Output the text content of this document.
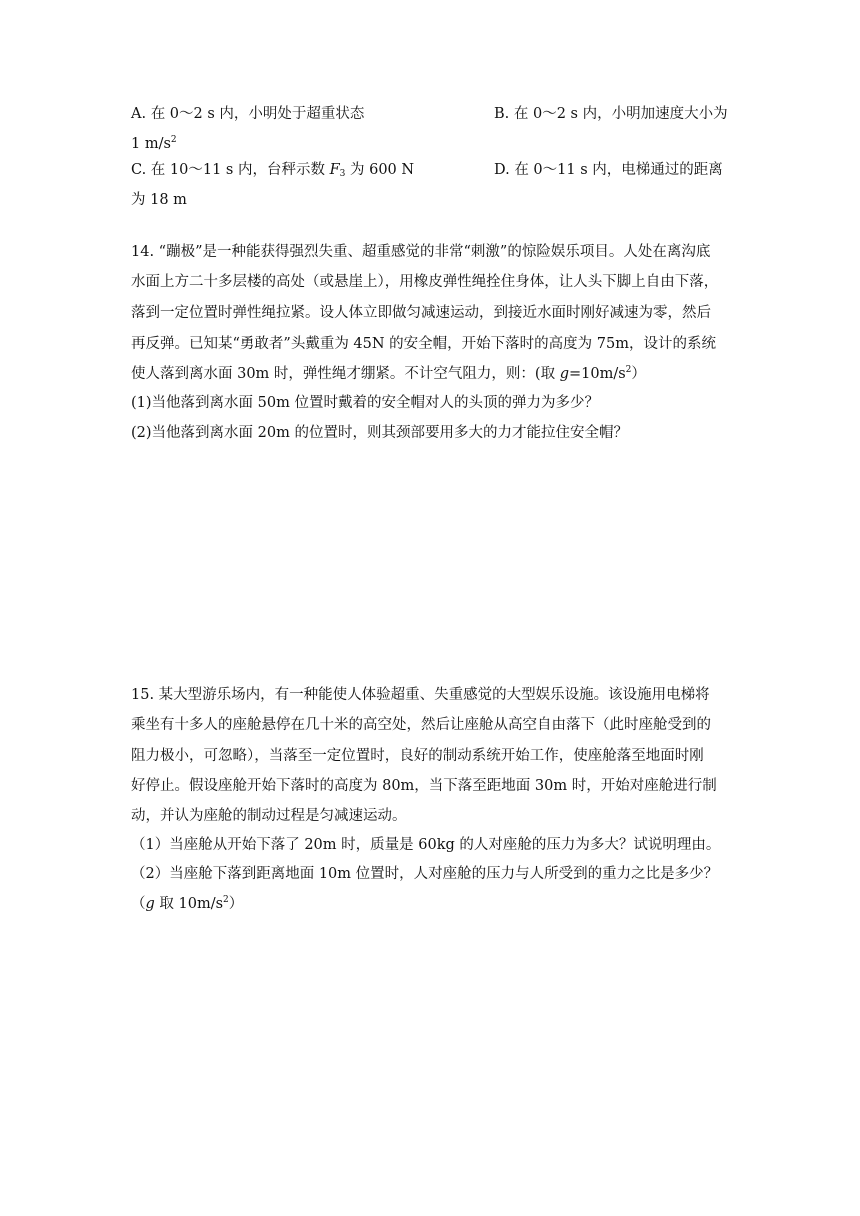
A. 在 0～2 s 内，小明处于超重状态	B. 在 0～2 s 内，小明加速度大小为
1 $m/s^2$
C. 在 10～11 s 内，台秤示数 $F_3$ 为 600 N	D. 在 0～11 s 内，电梯通过的距离
为 18 m
14. “蹦极”是一种能获得强烈失重、超重感觉的非常“刺激”的惊险娱乐项目。人处在离沟底
水面上方二十多层楼的高处（或悬崖上），用橡皮弹性绳拴住身体，让人头下脚上自由下落，
落到一定位置时弹性绳拉紧。设人体立即做匀减速运动，到接近水面时刚好减速为零，然后
再反弹。已知某“勇敢者”头戴重为 45N 的安全帽，开始下落时的高度为 75m，设计的系统
使人落到离水面 30m 时，弹性绳才绷紧。不计空气阻力，则：(取 $g=10m/s^2$）
(1)当他落到离水面 50m 位置时戴着的安全帽对人的头顶的弹力为多少？
(2)当他落到离水面 20m 的位置时，则其颈部要用多大的力才能拉住安全帽？
15. 某大型游乐场内，有一种能使人体验超重、失重感觉的大型娱乐设施。该设施用电梯将
乘坐有十多人的座舱悬停在几十米的高空处，然后让座舱从高空自由落下（此时座舱受到的
阻力极小，可忽略），当落至一定位置时，良好的制动系统开始工作，使座舱落至地面时刚
好停止。假设座舱开始下落时的高度为 80m，当下落至距地面 30m 时，开始对座舱进行制
动，并认为座舱的制动过程是匀减速运动。
（1）当座舱从开始下落了 20m 时，质量是 60kg 的人对座舱的压力为多大？试说明理由。
（2）当座舱下落到距离地面 10m 位置时，人对座舱的压力与人所受到的重力之比是多少？
（g 取 $10m/s^2$）
